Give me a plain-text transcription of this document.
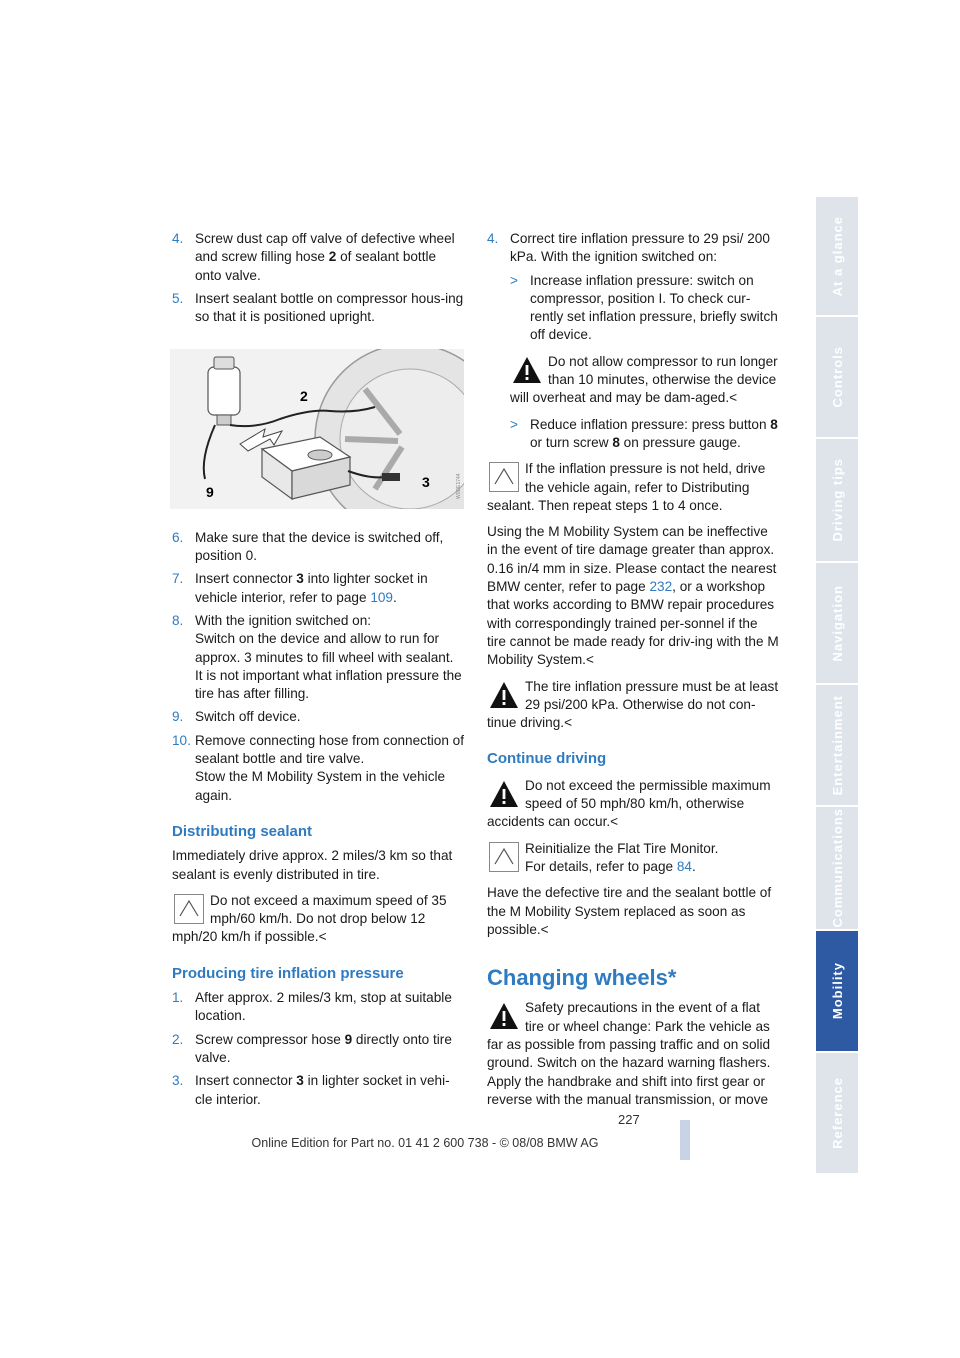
4. Screw dust cap off valve of defective wheel and screw filling hose 2 of sealant bottle onto valve.
5. Insert sealant bottle on compressor hous-ing so that it is positioned upright.
2
9
3	W0DE1744
6. Make sure that the device is switched off, position 0.
7. Insert connector 3 into lighter socket in vehicle interior, refer to page 109.
8. With the ignition switched on:
Switch on the device and allow to run for approx. 3 minutes to fill wheel with sealant. It is not important what inflation pressure the tire has after filling.
9. Switch off device.
10. Remove connecting hose from connection of sealant bottle and tire valve.
Stow the M Mobility System in the vehicle again.
Distributing sealant

Immediately drive approx. 2 miles/3 km so that sealant is evenly distributed in tire.

Do not exceed a maximum speed of 35 mph/60 km/h. Do not drop below 12 mph/20 km/h if possible.<
Producing tire inflation pressure
1. After approx. 2 miles/3 km, stop at suitable location.
2. Screw compressor hose 9 directly onto tire valve.
3. Insert connector 3 in lighter socket in vehi-cle interior.
4. Correct tire inflation pressure to 29 psi/ 200 kPa. With the ignition switched on:
> Increase inflation pressure: switch on compressor, position I. To check cur-rently set inflation pressure, briefly switch off device.
Do not allow compressor to run longer than 10 minutes, otherwise the device will overheat and may be dam-aged.<
> Reduce inflation pressure: press button 8 or turn screw 8 on pressure gauge.
If the inflation pressure is not held, drive the vehicle again, refer to Distributing sealant. Then repeat steps 1 to 4 once.

Using the M Mobility System can be ineffective in the event of tire damage greater than approx. 0.16 in/4 mm in size. Please contact the nearest BMW center, refer to page 232, or a workshop that works according to BMW repair procedures with correspondingly trained per-sonnel if the tire cannot be made ready for driv-ing with the M Mobility System.<

The tire inflation pressure must be at least 29 psi/200 kPa. Otherwise do not con-tinue driving.<
Continue driving
Do not exceed the permissible maximum speed of 50 mph/80 km/h, otherwise accidents can occur.<
Reinitialize the Flat Tire Monitor.
For details, refer to page 84.

Have the defective tire and the sealant bottle of the M Mobility System replaced as soon as possible.<

Changing wheels*
Safety precautions in the event of a flat tire or wheel change: Park the vehicle as far as possible from passing traffic and on solid ground. Switch on the hazard warning flashers. Apply the handbrake and shift into first gear or reverse with the manual transmission, or move
At a glance
Controls
Driving tips
Navigation
Entertainment
Communications
Mobility
Reference
227
Online Edition for Part no. 01 41 2 600 738 - © 08/08 BMW AG
